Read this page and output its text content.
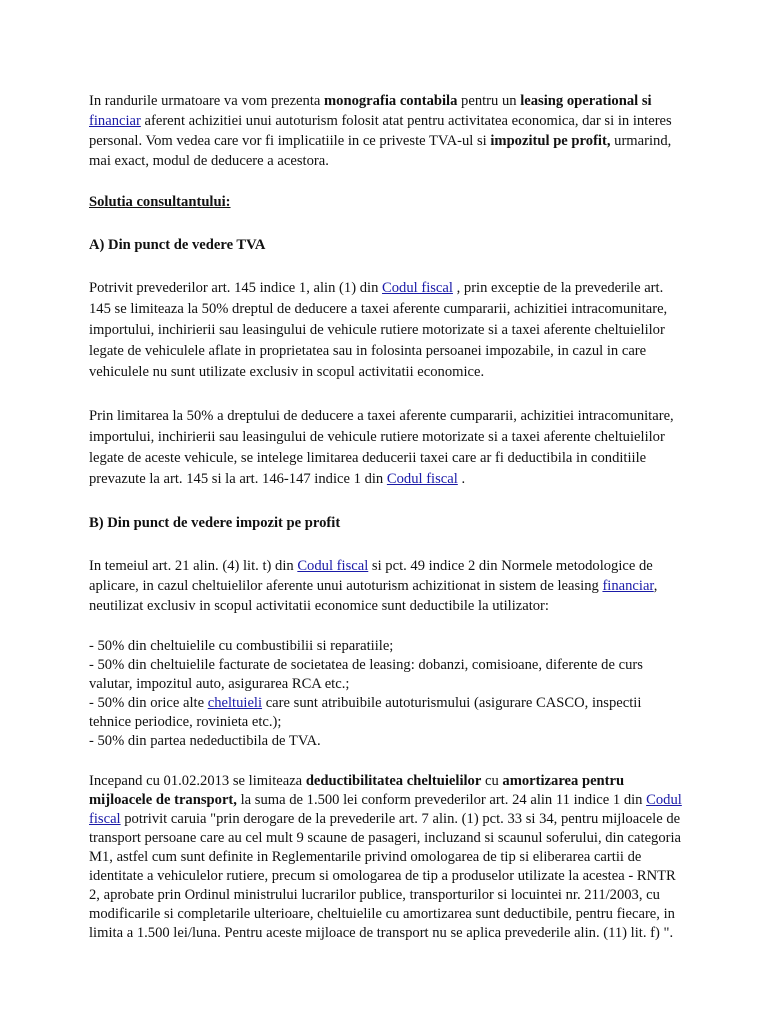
In randurile urmatoare va vom prezenta monografia contabila pentru un leasing operational si financiar aferent achizitiei unui autoturism folosit atat pentru activitatea economica, dar si in interes personal. Vom vedea care vor fi implicatiile in ce priveste TVA-ul si impozitul pe profit, urmarind, mai exact, modul de deducere a acestora.

Solutia consultantului:

A) Din punct de vedere TVA

Potrivit prevederilor art. 145 indice 1, alin (1) din Codul fiscal , prin exceptie de la prevederile art. 145 se limiteaza la 50% dreptul de deducere a taxei aferente cumpararii, achizitiei intracomunitare, importului, inchirierii sau leasingului de vehicule rutiere motorizate si a taxei aferente cheltuielilor legate de vehiculele aflate in proprietatea sau in folosinta persoanei impozabile, in cazul in care vehiculele nu sunt utilizate exclusiv in scopul activitatii economice.

Prin limitarea la 50% a dreptului de deducere a taxei aferente cumpararii, achizitiei intracomunitare, importului, inchirierii sau leasingului de vehicule rutiere motorizate si a taxei aferente cheltuielilor legate de aceste vehicule, se intelege limitarea deducerii taxei care ar fi deductibila in conditiile prevazute la art. 145 si la art. 146-147 indice 1 din Codul fiscal .

B) Din punct de vedere impozit pe profit

In temeiul art. 21 alin. (4) lit. t) din Codul fiscal si pct. 49 indice 2 din Normele metodologice de aplicare, in cazul cheltuielilor aferente unui autoturism achizitionat in sistem de leasing financiar, neutilizat exclusiv in scopul activitatii economice sunt deductibile la utilizator:

- 50% din cheltuielile cu combustibilii si reparatiile;

- 50% din cheltuielile facturate de societatea de leasing: dobanzi, comisioane, diferente de curs valutar, impozitul auto, asigurarea RCA etc.;

- 50% din orice alte cheltuieli care sunt atribuibile autoturismului (asigurare CASCO, inspectii tehnice periodice, rovinieta etc.);

- 50% din partea nedeductibila de TVA.

Incepand cu 01.02.2013 se limiteaza deductibilitatea cheltuielilor cu amortizarea pentru mijloacele de transport, la suma de 1.500 lei conform prevederilor art. 24 alin 11 indice 1 din Codul fiscal potrivit caruia "prin derogare de la prevederile art. 7 alin. (1) pct. 33 si 34, pentru mijloacele de transport persoane care au cel mult 9 scaune de pasageri, incluzand si scaunul soferului, din categoria M1, astfel cum sunt definite in Reglementarile privind omologarea de tip si eliberarea cartii de identitate a vehiculelor rutiere, precum si omologarea de tip a produselor utilizate la acestea - RNTR 2, aprobate prin Ordinul ministrului lucrarilor publice, transporturilor si locuintei nr. 211/2003, cu modificarile si completarile ulterioare, cheltuielile cu amortizarea sunt deductibile, pentru fiecare, in limita a 1.500 lei/luna. Pentru aceste mijloace de transport nu se aplica prevederile alin. (11) lit. f) ".
